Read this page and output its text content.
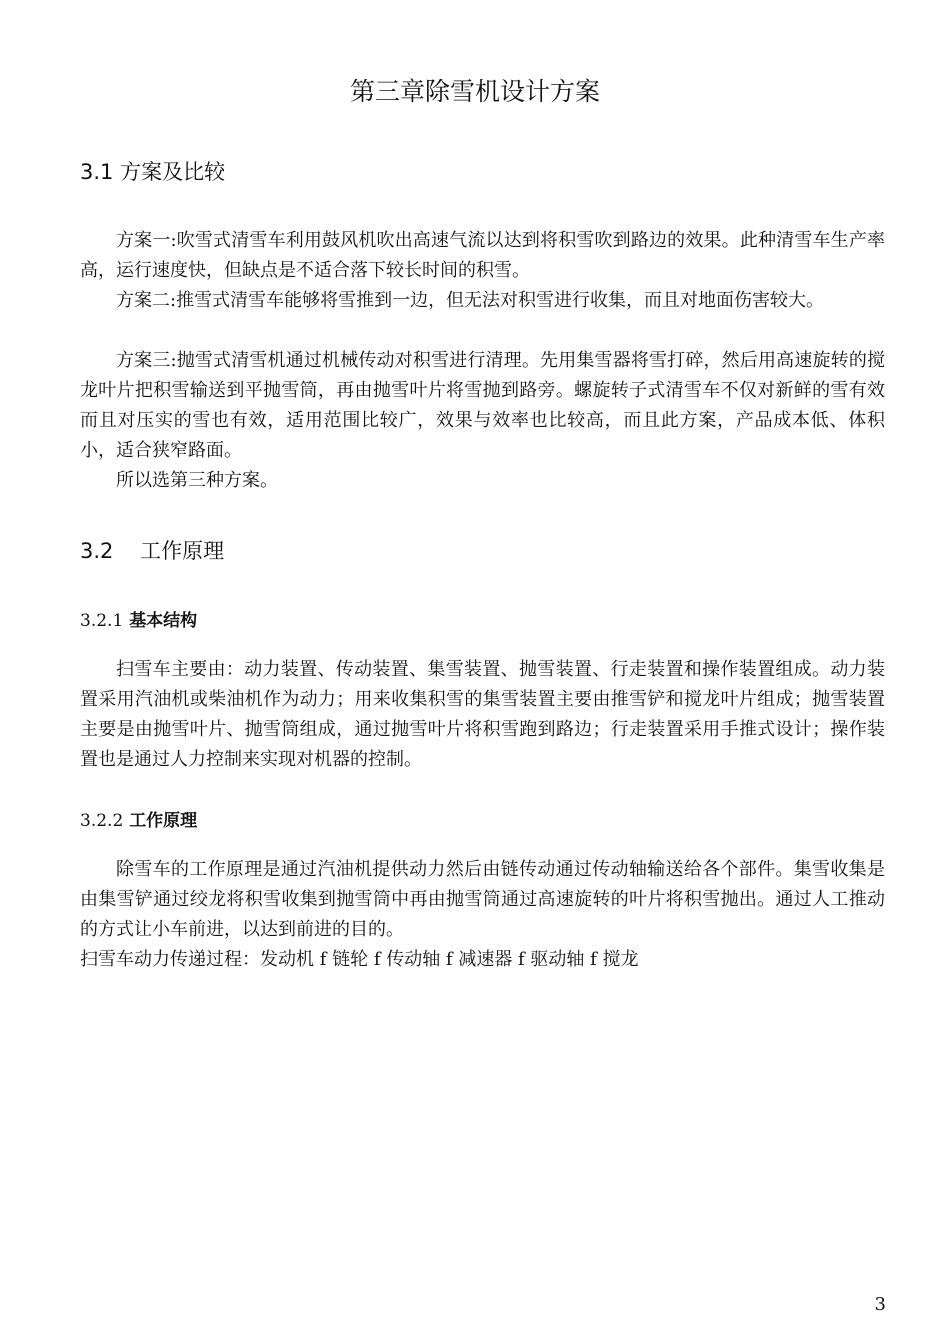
第三章除雪机设计方案
3.1 方案及比较

方案一:吹雪式清雪车利用鼓风机吹出高速气流以达到将积雪吹到路边的效果。此种清雪车生产率高，运行速度快，但缺点是不适合落下较长时间的积雪。

方案二:推雪式清雪车能够将雪推到一边，但无法对积雪进行收集，而且对地面伤害较大。

方案三:抛雪式清雪机通过机械传动对积雪进行清理。先用集雪器将雪打碎，然后用高速旋转的搅龙叶片把积雪输送到平抛雪筒，再由抛雪叶片将雪抛到路旁。螺旋转子式清雪车不仅对新鲜的雪有效而且对压实的雪也有效，适用范围比较广，效果与效率也比较高，而且此方案，产品成本低、体积小，适合狭窄路面。

所以选第三种方案。

3.2 工作原理
3.2.1 基本结构

扫雪车主要由：动力装置、传动装置、集雪装置、抛雪装置、行走装置和操作装置组成。动力装置采用汽油机或柴油机作为动力；用来收集积雪的集雪装置主要由推雪铲和搅龙叶片组成；抛雪装置主要是由抛雪叶片、抛雪筒组成，通过抛雪叶片将积雪跑到路边；行走装置采用手推式设计；操作装置也是通过人力控制来实现对机器的控制。

3.2.2 工作原理

除雪车的工作原理是通过汽油机提供动力然后由链传动通过传动轴输送给各个部件。集雪收集是由集雪铲通过绞龙将积雪收集到抛雪筒中再由抛雪筒通过高速旋转的叶片将积雪抛出。通过人工推动的方式让小车前进，以达到前进的目的。

扫雪车动力传递过程：发动机 f 链轮 f 传动轴 f 减速器 f 驱动轴 f 搅龙

3
